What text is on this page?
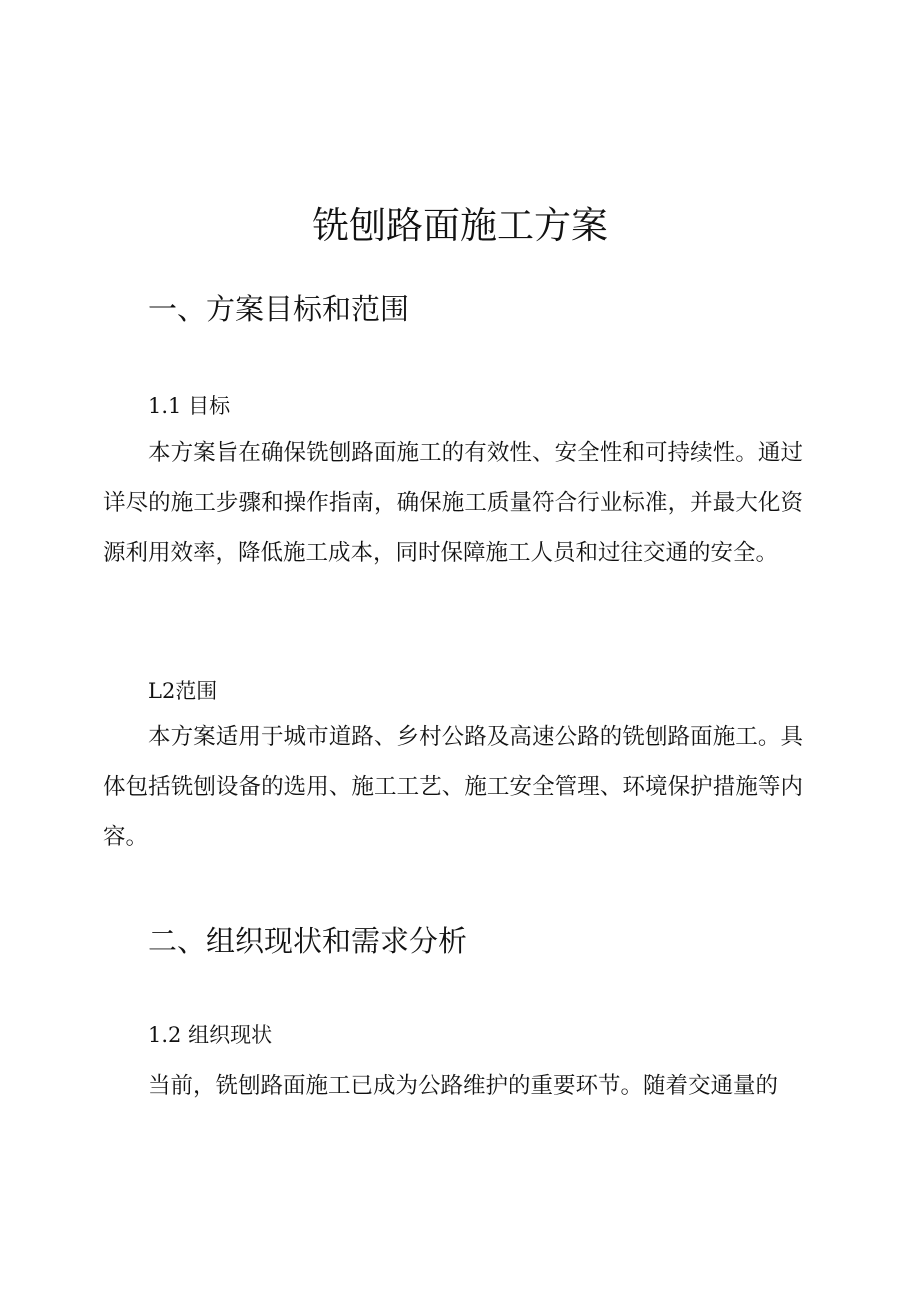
铣刨路面施工方案
一、方案目标和范围
1.1 目标

本方案旨在确保铣刨路面施工的有效性、安全性和可持续性。通过详尽的施工步骤和操作指南，确保施工质量符合行业标准，并最大化资源利用效率，降低施工成本，同时保障施工人员和过往交通的安全。

L2范围

本方案适用于城市道路、乡村公路及高速公路的铣刨路面施工。具体包括铣刨设备的选用、施工工艺、施工安全管理、环境保护措施等内容。

二、组织现状和需求分析
1.2 组织现状

当前，铣刨路面施工已成为公路维护的重要环节。随着交通量的
